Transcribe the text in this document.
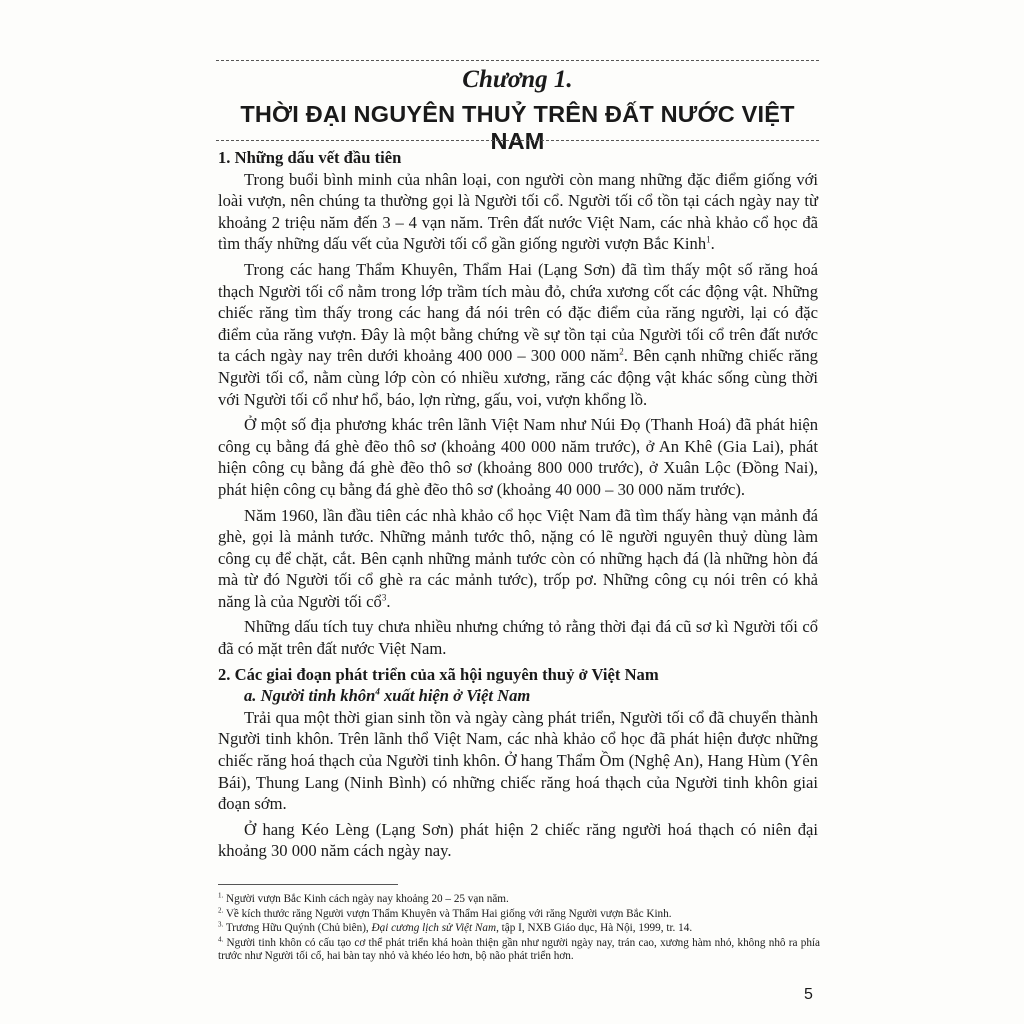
Chương 1.
THỜI ĐẠI NGUYÊN THUỶ TRÊN ĐẤT NƯỚC VIỆT NAM
1. Những dấu vết đầu tiên

Trong buổi bình minh của nhân loại, con người còn mang những đặc điểm giống với loài vượn, nên chúng ta thường gọi là Người tối cổ. Người tối cổ tồn tại cách ngày nay từ khoảng 2 triệu năm đến 3 – 4 vạn năm. Trên đất nước Việt Nam, các nhà khảo cổ học đã tìm thấy những dấu vết của Người tối cổ gần giống người vượn Bắc Kinh$^1$.

Trong các hang Thẩm Khuyên, Thẩm Hai (Lạng Sơn) đã tìm thấy một số răng hoá thạch Người tối cổ nằm trong lớp trầm tích màu đỏ, chứa xương cốt các động vật. Những chiếc răng tìm thấy trong các hang đá nói trên có đặc điểm của răng người, lại có đặc điểm của răng vượn. Đây là một bằng chứng về sự tồn tại của Người tối cổ trên đất nước ta cách ngày nay trên dưới khoảng 400 000 – 300 000 năm$^2$. Bên cạnh những chiếc răng Người tối cổ, nằm cùng lớp còn có nhiều xương, răng các động vật khác sống cùng thời với Người tối cổ như hổ, báo, lợn rừng, gấu, voi, vượn khổng lồ.

Ở một số địa phương khác trên lãnh Việt Nam như Núi Đọ (Thanh Hoá) đã phát hiện công cụ bằng đá ghè đẽo thô sơ (khoảng 400 000 năm trước), ở An Khê (Gia Lai), phát hiện công cụ bằng đá ghè đẽo thô sơ (khoảng 800 000 trước), ở Xuân Lộc (Đồng Nai), phát hiện công cụ bằng đá ghè đẽo thô sơ (khoảng 40 000 – 30 000 năm trước).

Năm 1960, lần đầu tiên các nhà khảo cổ học Việt Nam đã tìm thấy hàng vạn mảnh đá ghè, gọi là mảnh tước. Những mảnh tước thô, nặng có lẽ người nguyên thuỷ dùng làm công cụ để chặt, cắt. Bên cạnh những mảnh tước còn có những hạch đá (là những hòn đá mà từ đó Người tối cổ ghè ra các mảnh tước), trốp pơ. Những công cụ nói trên có khả năng là của Người tối cổ$^3$.

Những dấu tích tuy chưa nhiều nhưng chứng tỏ rằng thời đại đá cũ sơ kì Người tối cổ đã có mặt trên đất nước Việt Nam.

2. Các giai đoạn phát triển của xã hội nguyên thuỷ ở Việt Nam
a. Người tinh khôn$^4$ xuất hiện ở Việt Nam

Trải qua một thời gian sinh tồn và ngày càng phát triển, Người tối cổ đã chuyển thành Người tinh khôn. Trên lãnh thổ Việt Nam, các nhà khảo cổ học đã phát hiện được những chiếc răng hoá thạch của Người tinh khôn. Ở hang Thẩm Ồm (Nghệ An), Hang Hùm (Yên Bái), Thung Lang (Ninh Bình) có những chiếc răng hoá thạch của Người tinh khôn giai đoạn sớm.

Ở hang Kéo Lèng (Lạng Sơn) phát hiện 2 chiếc răng người hoá thạch có niên đại khoảng 30 000 năm cách ngày nay.

$^{1.}$ Người vượn Bắc Kinh cách ngày nay khoảng 20 – 25 vạn năm.
$^{2.}$ Về kích thước răng Người vượn Thẩm Khuyên và Thẩm Hai giống với răng Người vượn Bắc Kinh.
$^{3.}$ Trương Hữu Quýnh (Chủ biên), Đại cương lịch sử Việt Nam, tập I, NXB Giáo dục, Hà Nội, 1999, tr. 14.
$^{4.}$ Người tinh khôn có cấu tạo cơ thể phát triển khá hoàn thiện gần như người ngày nay, trán cao, xương hàm nhỏ, không nhô ra phía trước như Người tối cổ, hai bàn tay nhỏ và khéo léo hơn, bộ não phát triển hơn.
5
